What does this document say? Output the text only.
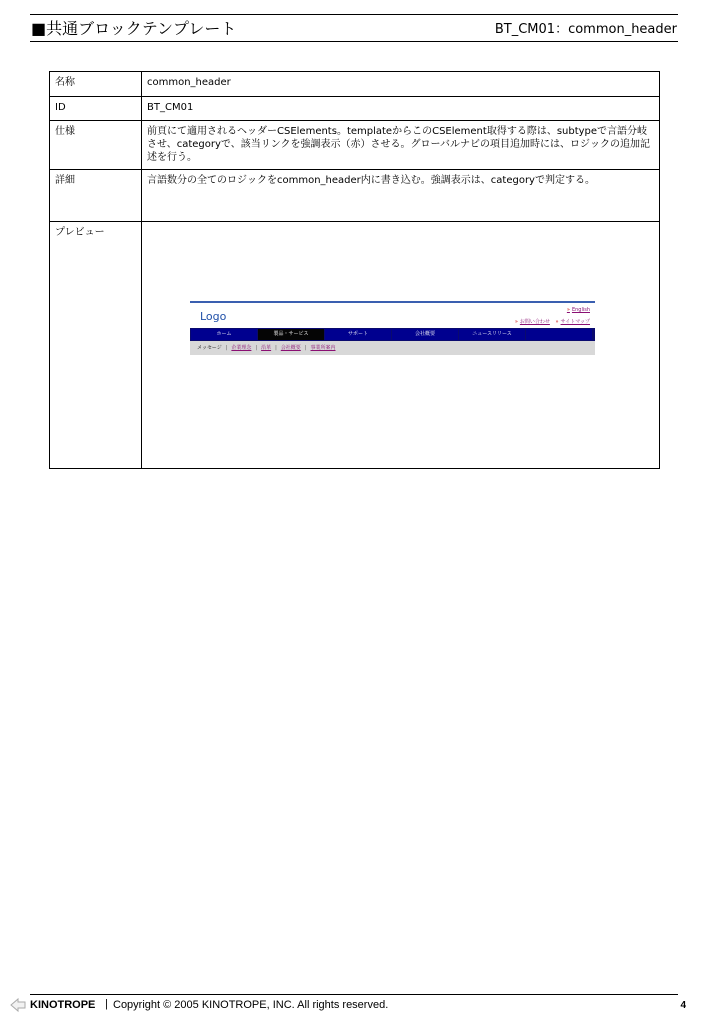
■共通ブロックテンプレート	BT_CM01：common_header
名称	common_header
ID	BT_CM01
仕様	前頁にて適用されるヘッダーCSElements。templateからこのCSElement取得する際は、subtypeで言語分岐させ、categoryで、該当リンクを強調表示（赤）させる。グローバルナビの項目追加時には、ロジックの追加記述を行う。
詳細	言語数分の全てのロジックをcommon_header内に書き込む。強調表示は、categoryで判定する。
プレビュー	
Logo	» English
» お問い合わせ » サイトマップ
ホーム	製品・サービス	サポート	会社概要	ニュースリリース
メッセージ | 企業理念 | 沿革 | 会社概要 | 事業所案内
KINOTROPE | Copyright © 2005 KINOTROPE, INC. All rights reserved.	4
